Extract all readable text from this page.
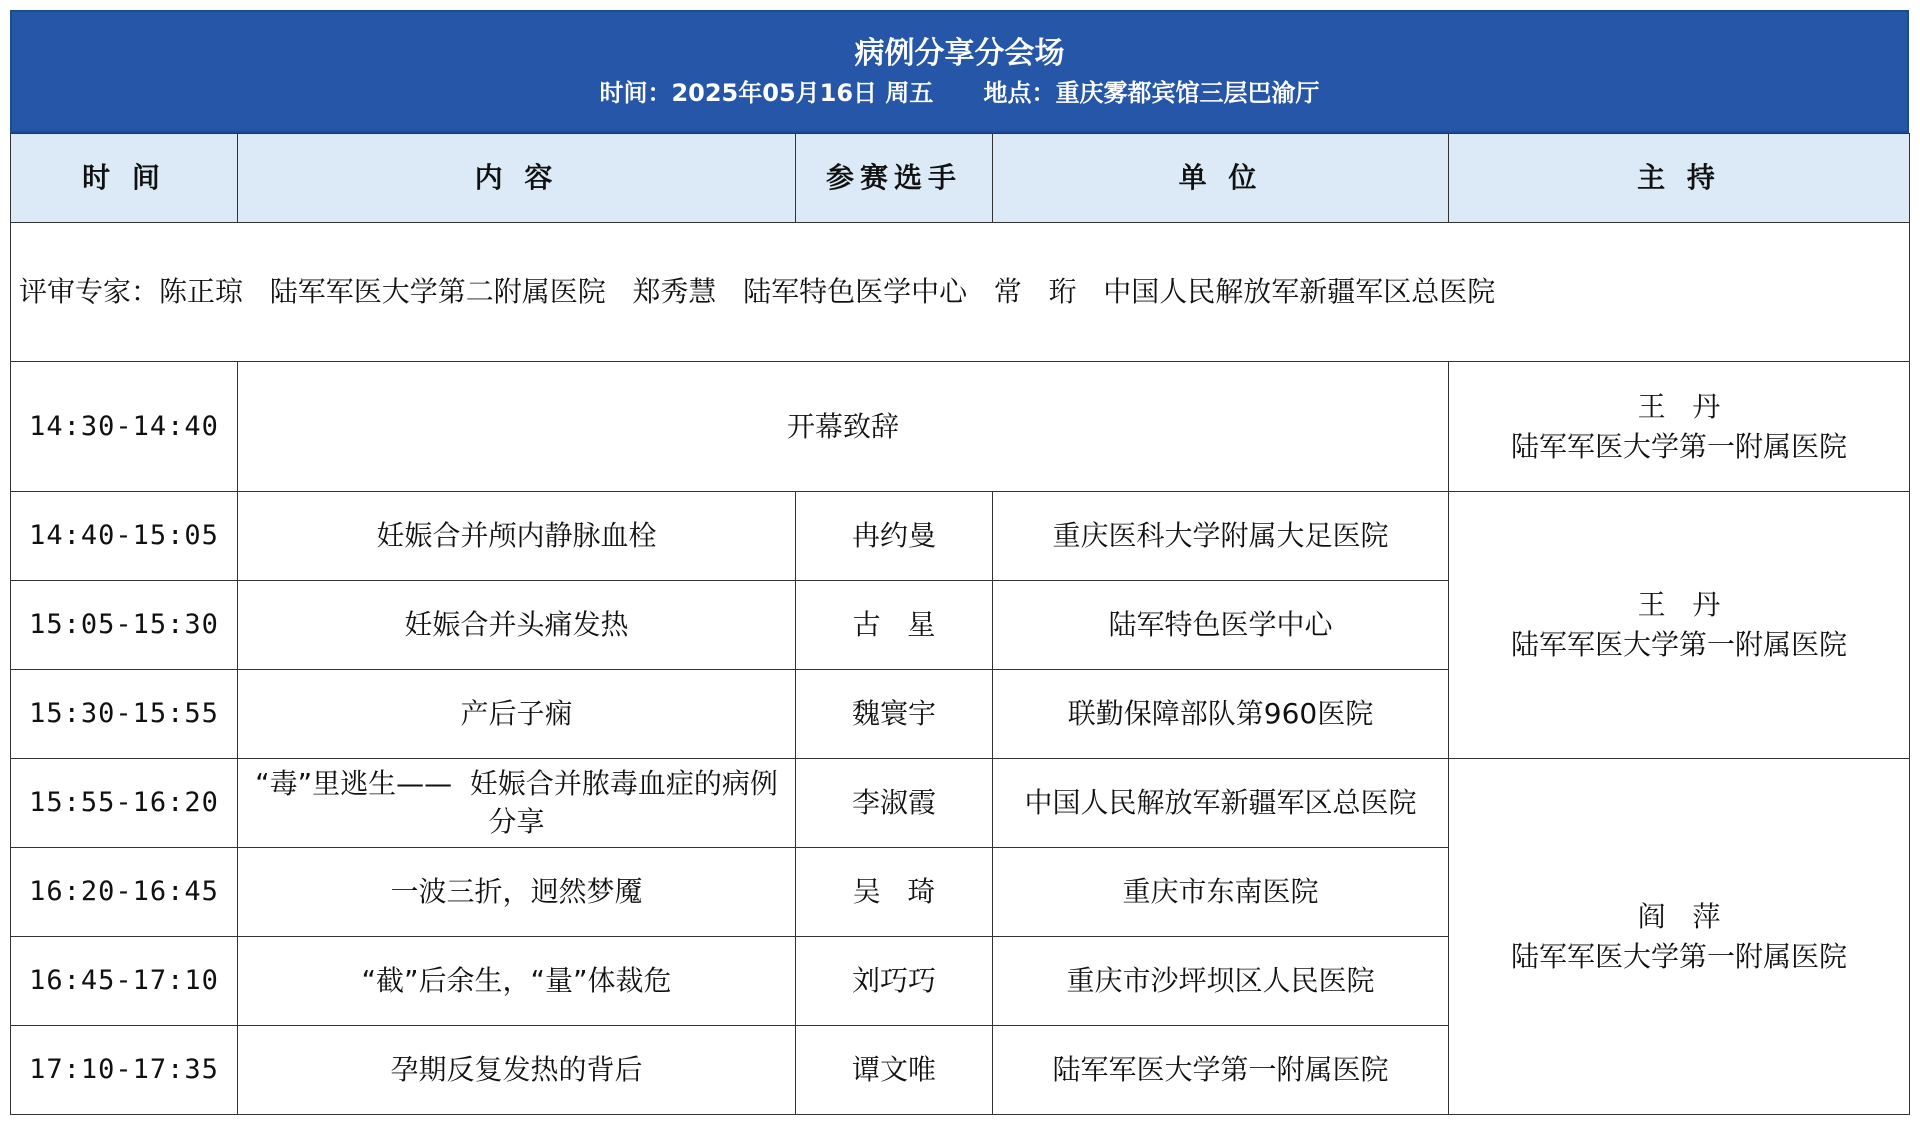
病例分享分会场
时间：2025年05月16日 周五      地点：重庆雾都宾馆三层巴渝厅
时 间	内 容	参赛选手	单 位	主 持
评审专家：陈正琼   陆军军医大学第二附属医院   郑秀慧   陆军特色医学中心   常   珩   中国人民解放军新疆军区总医院				
14:30-14:40	开幕致辞			王   丹
陆军军医大学第一附属医院

14:40-15:05	妊娠合并颅内静脉血栓	冉约曼	重庆医科大学附属大足医院	王   丹
陆军军医大学第一附属医院

15:05-15:30	妊娠合并头痛发热	古   星	陆军特色医学中心	
15:30-15:55	产后子痫	魏寰宇	联勤保障部队第960医院	
15:55-16:20	“毒”里逃生——  妊娠合并脓毒血症的病例分享	李淑霞	中国人民解放军新疆军区总医院	阎   萍
陆军军医大学第一附属医院

16:20-16:45	一波三折，迥然梦魇	吴   琦	重庆市东南医院	
16:45-17:10	“截”后余生，“量”体裁危	刘巧巧	重庆市沙坪坝区人民医院	
17:10-17:35	孕期反复发热的背后	谭文唯	陆军军医大学第一附属医院	
